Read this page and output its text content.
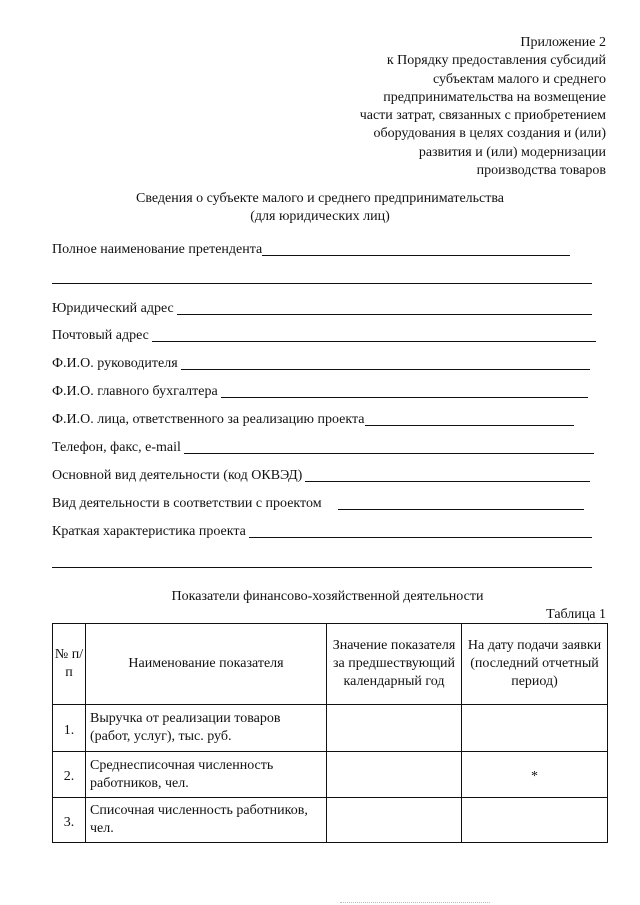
Приложение 2
к Порядку предоставления субсидий
субъектам малого и среднего
предпринимательства на возмещение
части затрат, связанных с приобретением
оборудования в целях создания и (или)
развития и (или) модернизации
производства товаров
Сведения о субъекте малого и среднего предпринимательства
(для юридических лиц)
Полное наименование претендента
Юридический адрес
Почтовый адрес
Ф.И.О. руководителя
Ф.И.О. главного бухгалтера
Ф.И.О. лица, ответственного за реализацию проекта
Телефон, факс, e-mail
Основной вид деятельности (код ОКВЭД)
Вид деятельности в соответствии с проектом
Краткая характеристика проекта
Показатели финансово-хозяйственной деятельности
Таблица 1
№ п/п	Наименование показателя	Значение показателя за предшествующий календарный год	На дату подачи заявки (последний отчетный период)
1.	Выручка от реализации товаров (работ, услуг), тыс. руб.		
2.	Среднесписочная численность работников, чел.		*
3.	Списочная численность работников, чел.		
